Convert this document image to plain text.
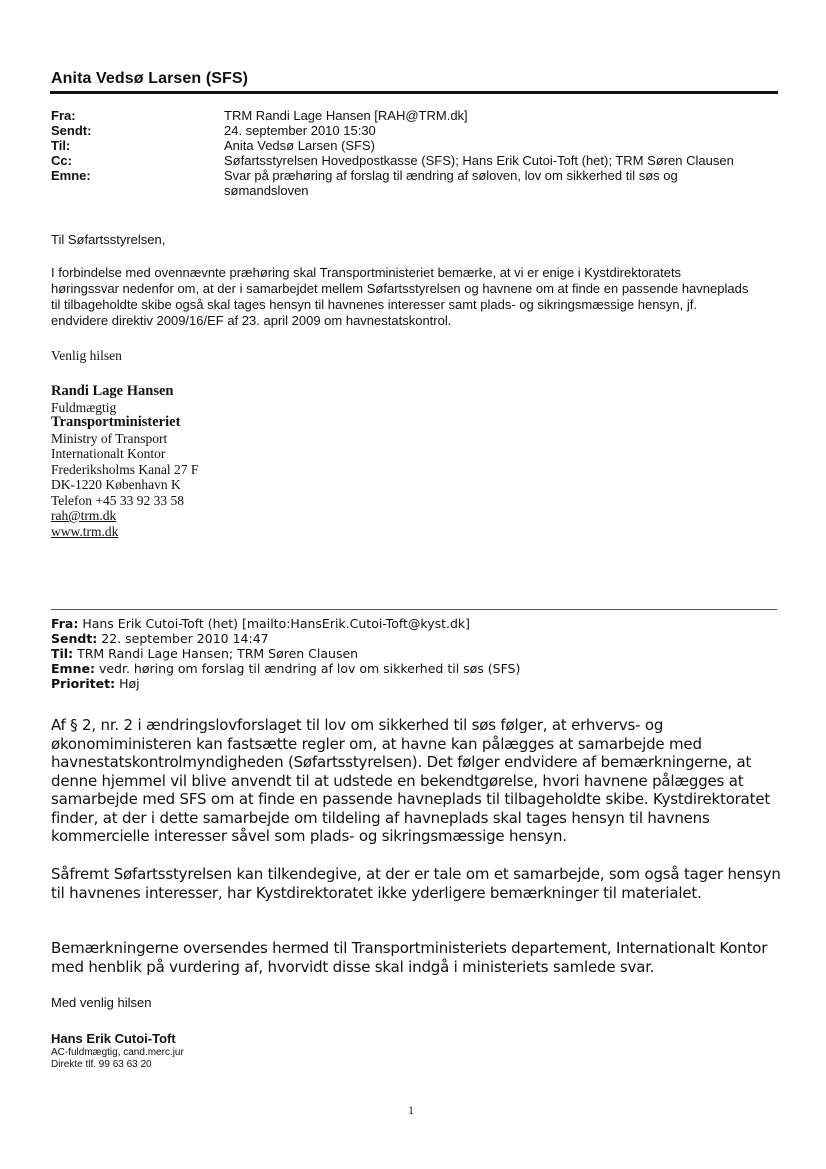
Anita Vedsø Larsen (SFS)
Fra:	TRM Randi Lage Hansen [RAH@TRM.dk]
Sendt:	24. september 2010 15:30
Til:	Anita Vedsø Larsen (SFS)
Cc:	Søfartsstyrelsen Hovedpostkasse (SFS); Hans Erik Cutoi-Toft (het); TRM Søren Clausen
Emne:	Svar på præhøring af forslag til ændring af søloven, lov om sikkerhed til søs og sømandsloven
Til Søfartsstyrelsen,
I forbindelse med ovennævnte præhøring skal Transportministeriet bemærke, at vi er enige i Kystdirektoratets høringssvar nedenfor om, at der i samarbejdet mellem Søfartsstyrelsen og havnene om at finde en passende havneplads til tilbageholdte skibe også skal tages hensyn til havnenes interesser samt plads- og sikringsmæssige hensyn, jf. endvidere direktiv 2009/16/EF af 23. april 2009 om havnestatskontrol.
Venlig hilsen
Randi Lage Hansen
Fuldmægtig
Transportministeriet
Ministry of Transport
Internationalt Kontor
Frederiksholms Kanal 27 F
DK-1220 København K
Telefon +45 33 92 33 58
rah@trm.dk
www.trm.dk
Fra: Hans Erik Cutoi-Toft (het) [mailto:HansErik.Cutoi-Toft@kyst.dk]
Sendt: 22. september 2010 14:47
Til: TRM Randi Lage Hansen; TRM Søren Clausen
Emne: vedr. høring om forslag til ændring af lov om sikkerhed til søs (SFS)
Prioritet: Høj
Af § 2, nr. 2 i ændringslovforslaget til lov om sikkerhed til søs følger, at erhvervs- og økonomiministeren kan fastsætte regler om, at havne kan pålægges at samarbejde med havnestatskontrolmyndigheden (Søfartsstyrelsen). Det følger endvidere af bemærkningerne, at denne hjemmel vil blive anvendt til at udstede en bekendtgørelse, hvori havnene pålægges at samarbejde med SFS om at finde en passende havneplads til tilbageholdte skibe. Kystdirektoratet finder, at der i dette samarbejde om tildeling af havneplads skal tages hensyn til havnens kommercielle interesser såvel som plads- og sikringsmæssige hensyn.
Såfremt Søfartsstyrelsen kan tilkendegive, at der er tale om et samarbejde, som også tager hensyn til havnenes interesser, har Kystdirektoratet ikke yderligere bemærkninger til materialet.
Bemærkningerne oversendes hermed til Transportministeriets departement, Internationalt Kontor med henblik på vurdering af, hvorvidt disse skal indgå i ministeriets samlede svar.
Med venlig hilsen
Hans Erik Cutoi-Toft
AC-fuldmægtig, cand.merc.jur
Direkte tlf. 99 63 63 20
1
